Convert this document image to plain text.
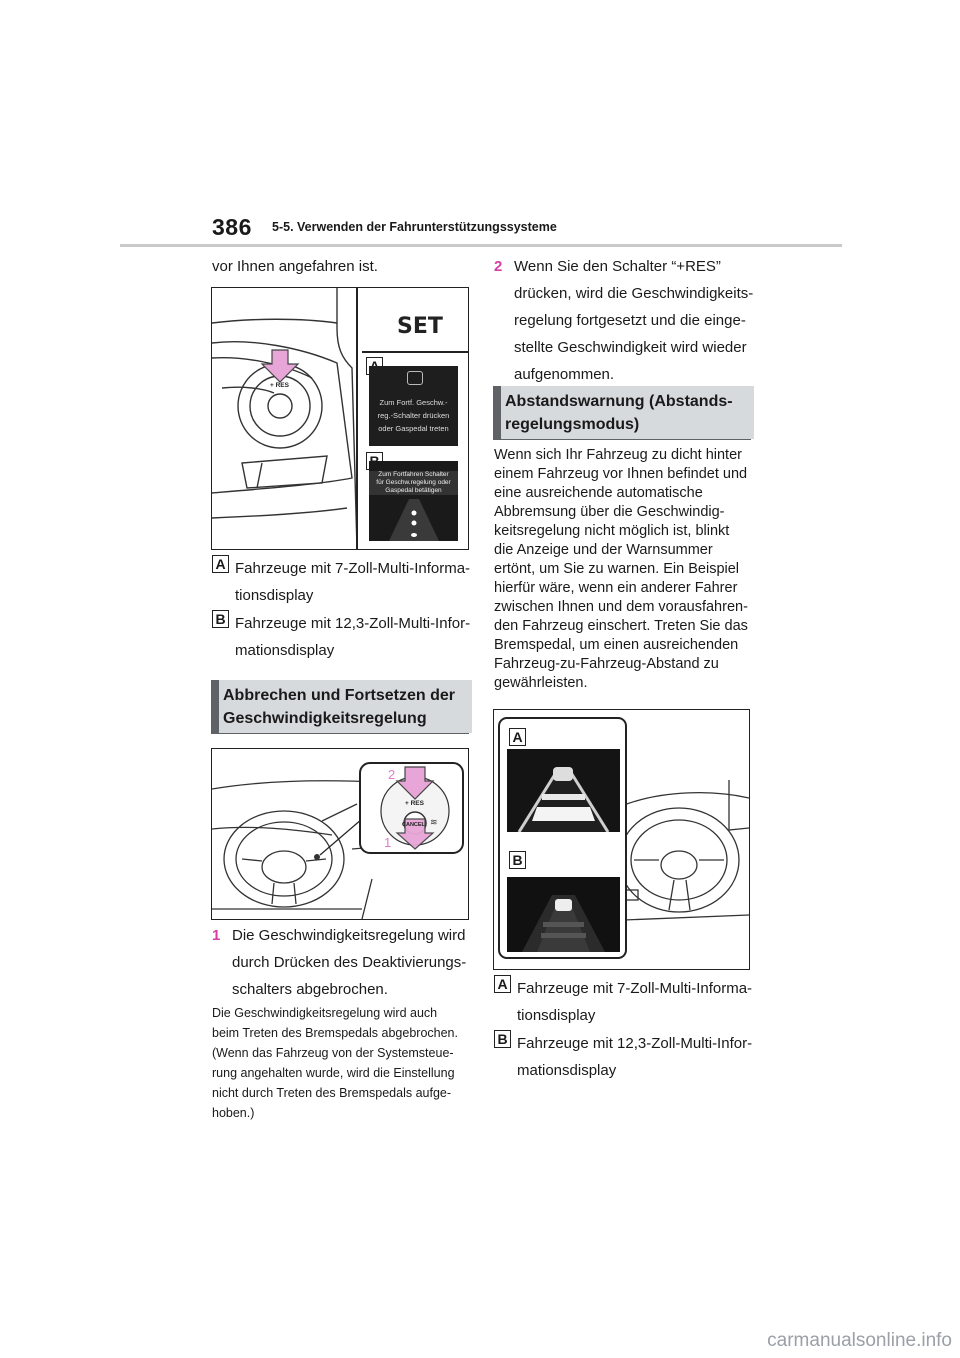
386 5-5. Verwenden der Fahrunterstützungssysteme
vor Ihnen angefahren ist.
+ RES
SET
Zum Fortf. Geschw.-
reg.-Schalter drücken
oder Gaspedal treten
Zum Fortfahren Schalter
für Geschw.regelung oder
Gaspedal betätigen
A Fahrzeuge mit 7-Zoll-Multi-Informa-
tionsdisplay
B Fahrzeuge mit 12,3-Zoll-Multi-Infor-
mationsdisplay
Abbrechen und Fortsetzen der
Geschwindigkeitsregelung
+ RES
CANCEL
2
1
≋
1 Die Geschwindigkeitsregelung wird
durch Drücken des Deaktivierungs-
schalters abgebrochen.
Die Geschwindigkeitsregelung wird auch
beim Treten des Bremspedals abgebrochen.
(Wenn das Fahrzeug von der Systemsteue-
rung angehalten wurde, wird die Einstellung
nicht durch Treten des Bremspedals aufge-
hoben.)
2 Wenn Sie den Schalter “+RES”
drücken, wird die Geschwindigkeits-
regelung fortgesetzt und die einge-
stellte Geschwindigkeit wird wieder
aufgenommen.
Abstandswarnung (Abstands-
regelungsmodus)
Wenn sich Ihr Fahrzeug zu dicht hinter
einem Fahrzeug vor Ihnen befindet und
eine ausreichende automatische
Abbremsung über die Geschwindig-
keitsregelung nicht möglich ist, blinkt
die Anzeige und der Warnsummer
ertönt, um Sie zu warnen. Ein Beispiel
hierfür wäre, wenn ein anderer Fahrer
zwischen Ihnen und dem vorausfahren-
den Fahrzeug einschert. Treten Sie das
Bremspedal, um einen ausreichenden
Fahrzeug-zu-Fahrzeug-Abstand zu
gewährleisten.
A
B
A Fahrzeuge mit 7-Zoll-Multi-Informa-
tionsdisplay
B Fahrzeuge mit 12,3-Zoll-Multi-Infor-
mationsdisplay
carmanualsonline.info
